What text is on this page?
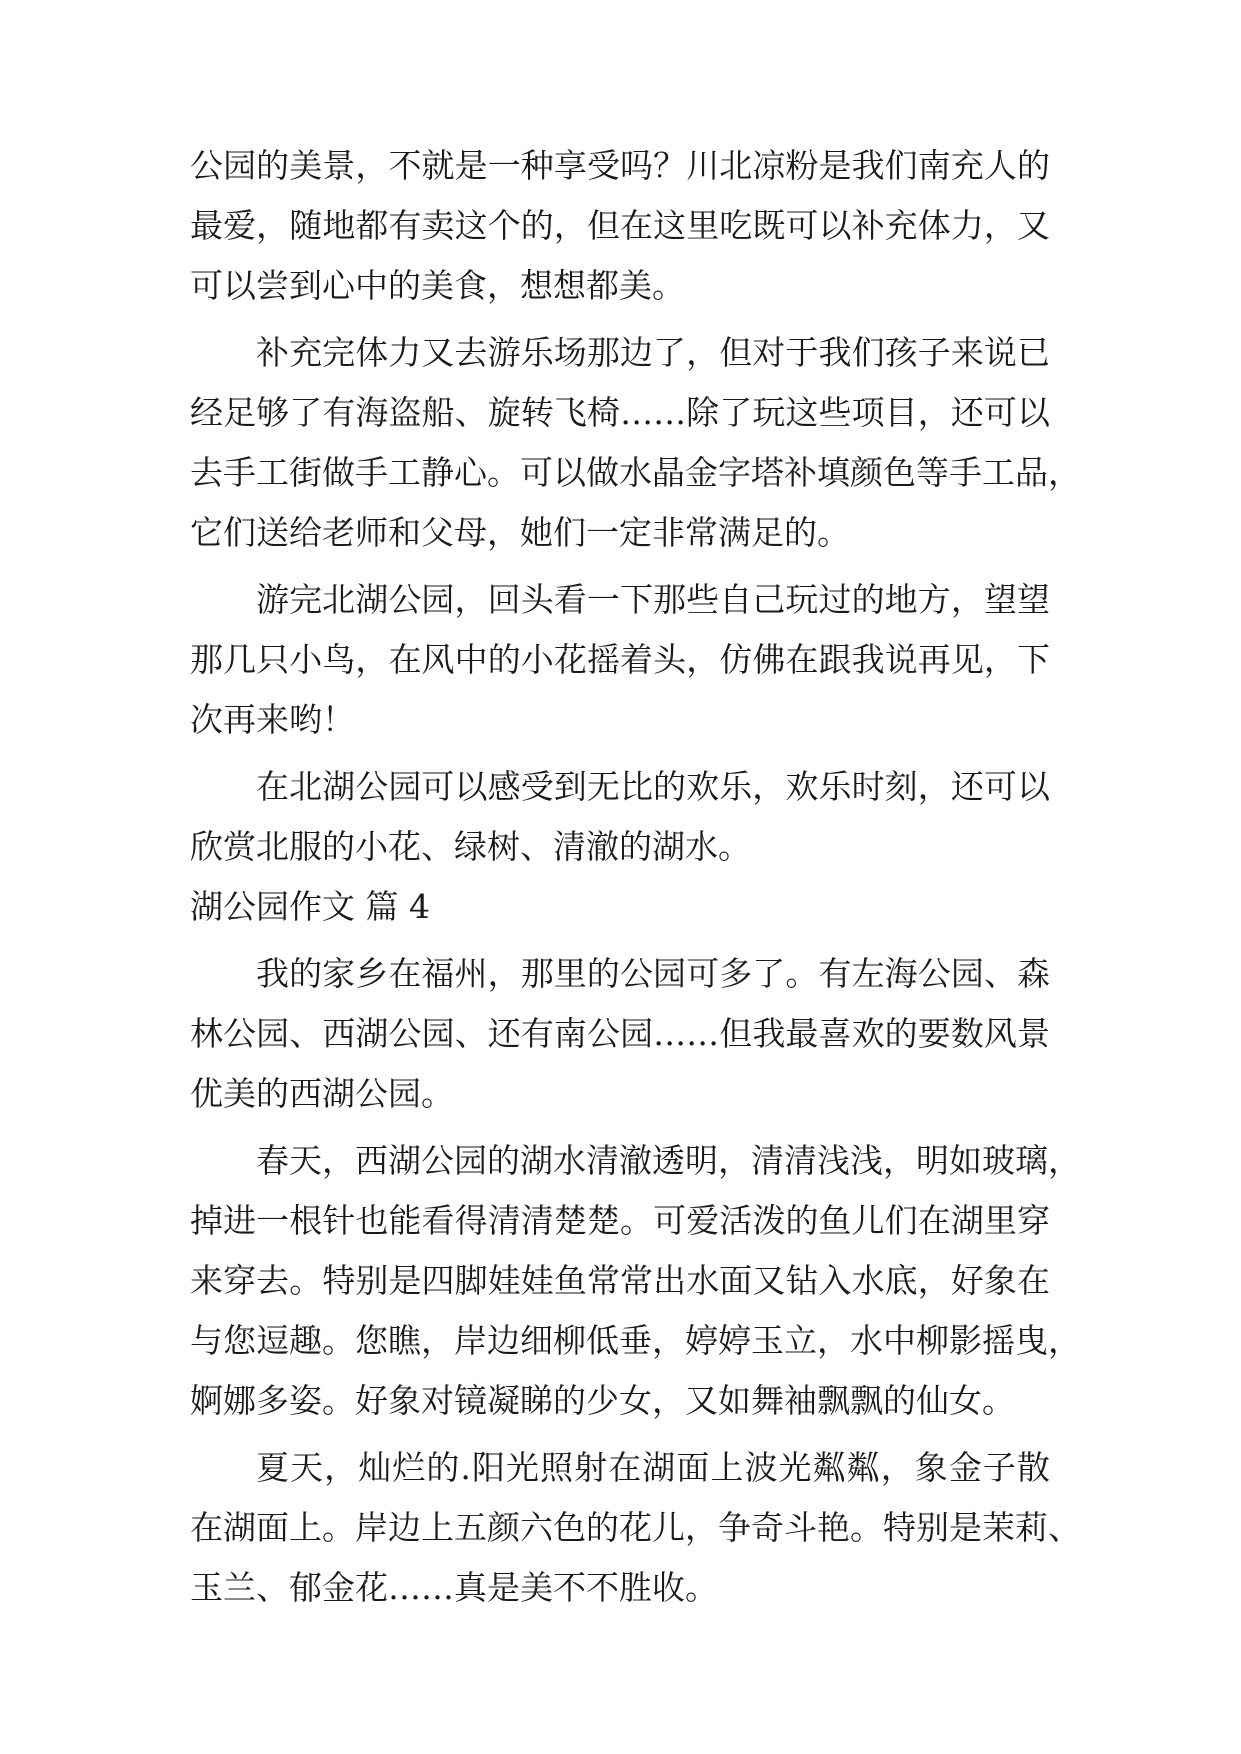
公园的美景，不就是一种享受吗？川北凉粉是我们南充人的
最爱，随地都有卖这个的，但在这里吃既可以补充体力，又
可以尝到心中的美食，想想都美。
补充完体力又去游乐场那边了，但对于我们孩子来说已
经足够了有海盗船、旋转飞椅……除了玩这些项目，还可以
去手工街做手工静心。可以做水晶金字塔补填颜色等手工品，
它们送给老师和父母，她们一定非常满足的。
游完北湖公园，回头看一下那些自己玩过的地方，望望
那几只小鸟，在风中的小花摇着头，仿佛在跟我说再见，下
次再来哟！
在北湖公园可以感受到无比的欢乐，欢乐时刻，还可以
欣赏北服的小花、绿树、清澈的湖水。
湖公园作文 篇 4
我的家乡在福州，那里的公园可多了。有左海公园、森
林公园、西湖公园、还有南公园……但我最喜欢的要数风景
优美的西湖公园。
春天，西湖公园的湖水清澈透明，清清浅浅，明如玻璃，
掉进一根针也能看得清清楚楚。可爱活泼的鱼儿们在湖里穿
来穿去。特别是四脚娃娃鱼常常出水面又钻入水底，好象在
与您逗趣。您瞧，岸边细柳低垂，婷婷玉立，水中柳影摇曳，
婀娜多姿。好象对镜凝睇的少女，又如舞袖飘飘的仙女。
夏天，灿烂的.阳光照射在湖面上波光粼粼，象金子散
在湖面上。岸边上五颜六色的花儿，争奇斗艳。特别是茉莉、
玉兰、郁金花……真是美不不胜收。
